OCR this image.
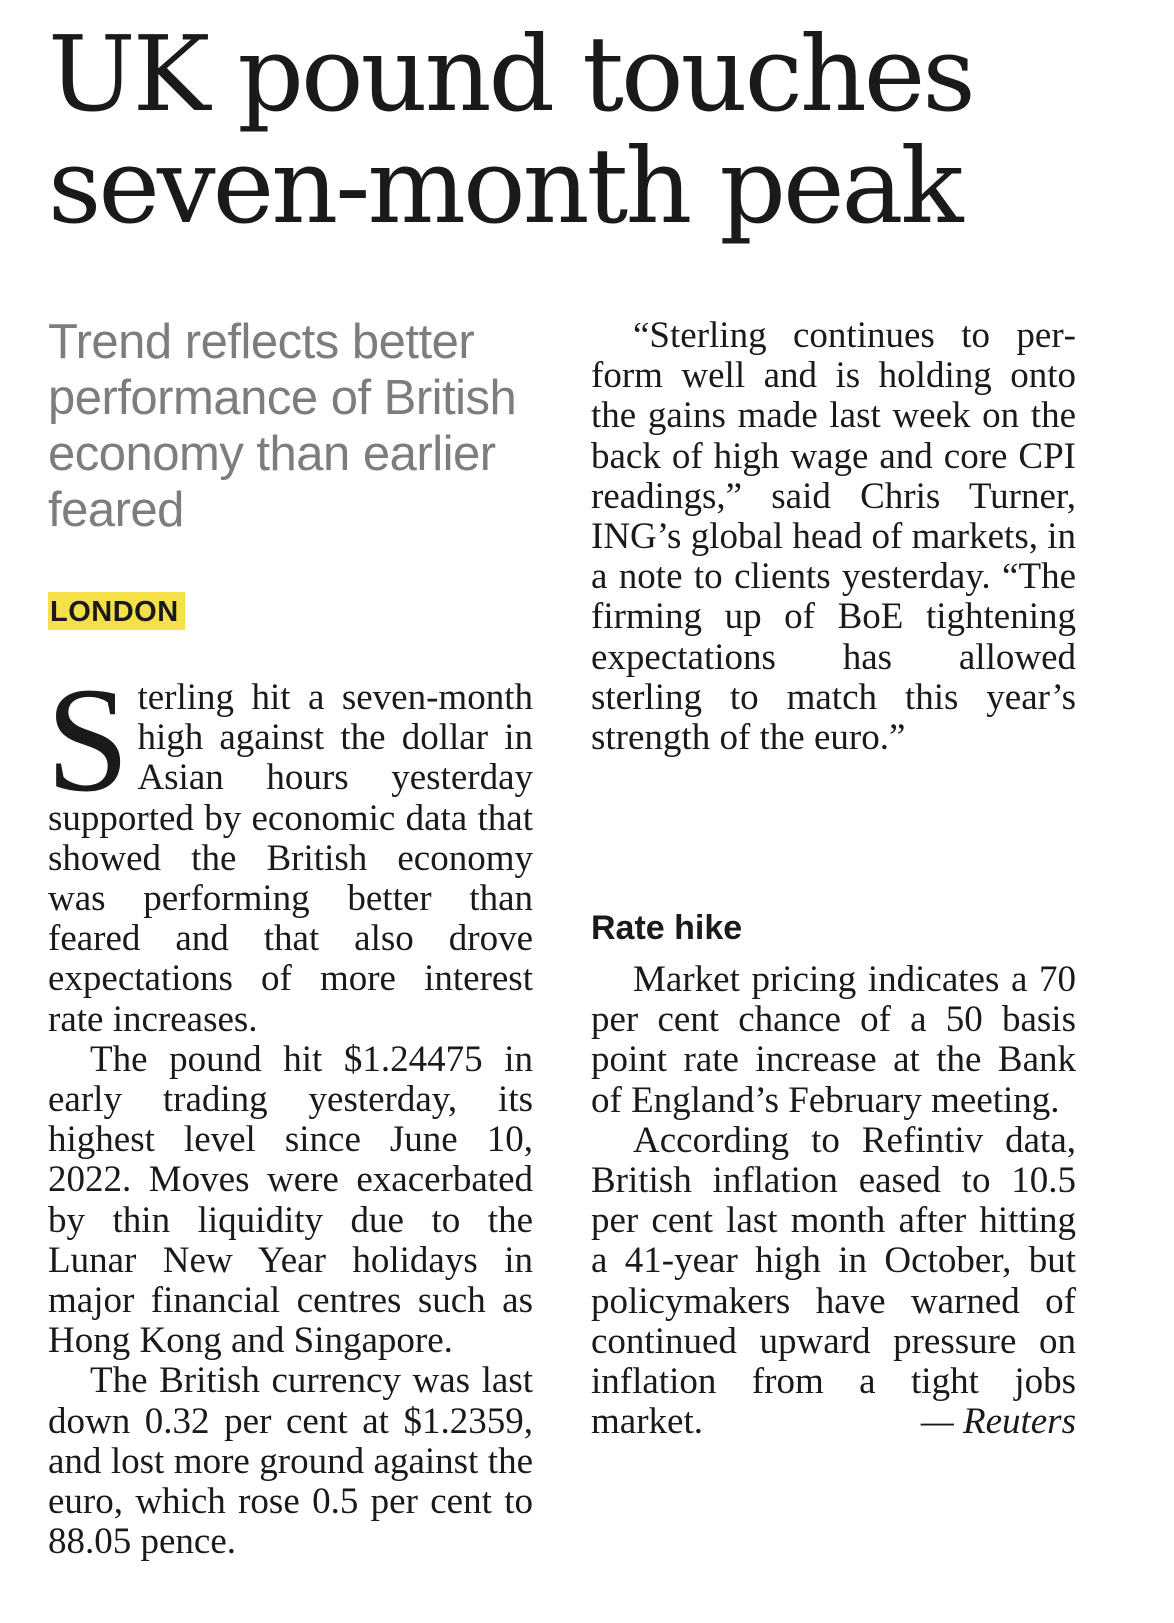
UK pound touches seven-month peak

Trend reflects better performance of British economy than earlier feared

LONDON

Sterling hit a seven-month high against the dollar in Asian hours yesterday supported by economic data that showed the British economy was performing better than feared and that also drove expectations of more interest rate increases.

The pound hit $1.24475 in early trading yesterday, its highest level since June 10, 2022. Moves were exacerbated by thin liquidity due to the Lunar New Year holidays in major financial centres such as Hong Kong and Singapore.

The British currency was last down 0.32 per cent at $1.2359, and lost more ground against the euro, which rose 0.5 per cent to 88.05 pence.

“Sterling continues to perform well and is holding onto the gains made last week on the back of high wage and core CPI readings,” said Chris Turner, ING’s global head of markets, in a note to clients yesterday. “The firming up of BoE tightening expectations has allowed sterling to match this year’s strength of the euro.”

Rate hike

Market pricing indicates a 70 per cent chance of a 50 basis point rate increase at the Bank of England’s February meeting.

According to Refintiv data, British inflation eased to 10.5 per cent last month after hitting a 41-year high in October, but policymakers have warned of continued upward pressure on inflation from a tight jobs market.	— Reuters
